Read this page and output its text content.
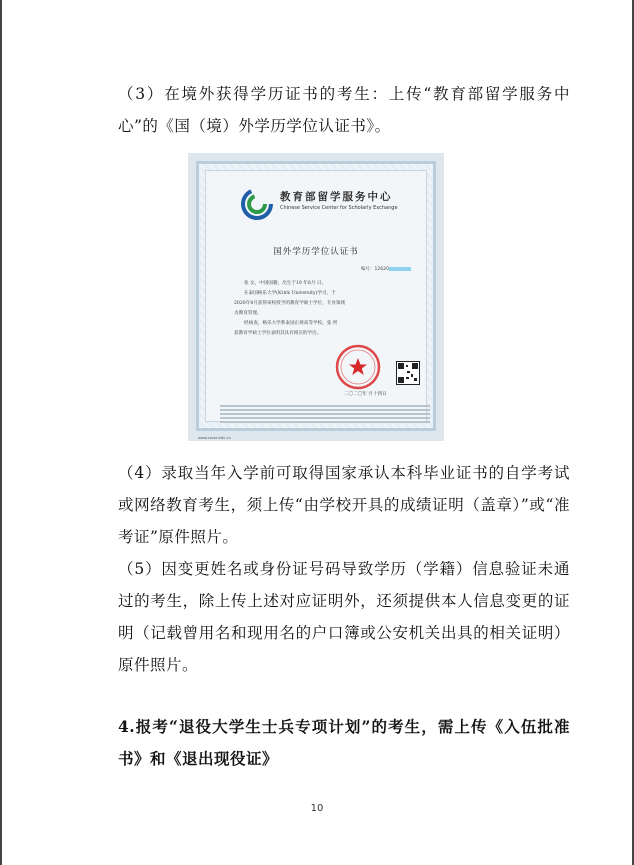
（3）在境外获得学历证书的考生：上传“教育部留学服务中心”的《国（境）外学历学位认证书》。

教育部留学服务中心
Chinese Service Center for Scholarly Exchange
国外学历学位认证书
编号：12620
张 女，中国国籍，出生于19 年8月 日。
在泰国格乐大学(Krirk University)学习，于
2020年4月获得该校授予的教育学硕士学位，专业领域
为教育管理。
经核查，格乐大学系泰国正规高等学校。张 所
获教育学硕士学位表明其具有相应的学历。
二〇二〇年 月十四日
www.cscse.edu.cn

（4）录取当年入学前可取得国家承认本科毕业证书的自学考试或网络教育考生，须上传“由学校开具的成绩证明（盖章）”或“准考证”原件照片。

（5）因变更姓名或身份证号码导致学历（学籍）信息验证未通过的考生，除上传上述对应证明外，还须提供本人信息变更的证明（记载曾用名和现用名的户口簿或公安机关出具的相关证明）原件照片。

4.报考“退役大学生士兵专项计划”的考生，需上传《入伍批准书》和《退出现役证》

10
